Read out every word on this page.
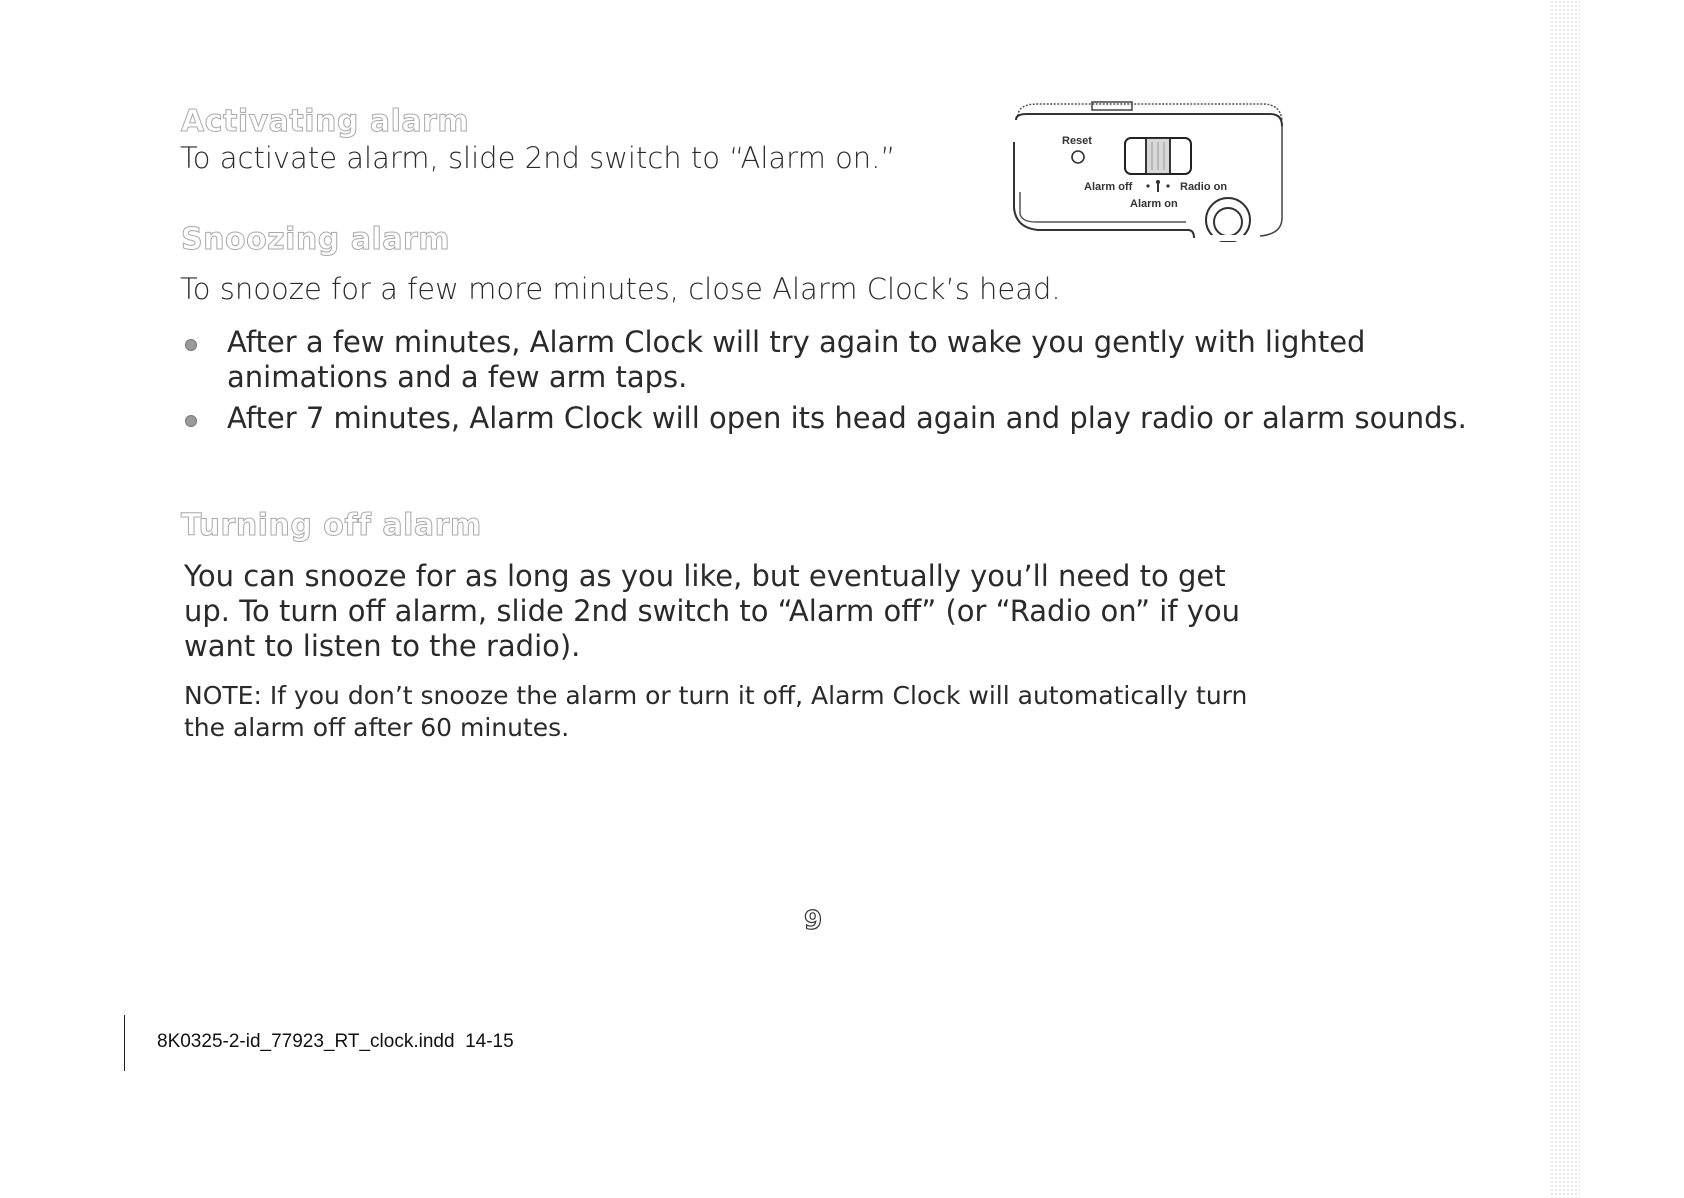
Activating alarm
To activate alarm, slide 2nd switch to “Alarm on.”	Reset
Alarm off	Radio on
Alarm on
Snoozing alarm
To snooze for a few more minutes, close Alarm Clock’s head.
After a few minutes, Alarm Clock will try again to wake you gently with lighted animations and a few arm taps.
After 7 minutes, Alarm Clock will open its head again and play radio or alarm sounds.
Turning off alarm
You can snooze for as long as you like, but eventually you’ll need to get up. To turn off alarm, slide 2nd switch to “Alarm off” (or “Radio on” if you want to listen to the radio).
NOTE: If you don’t snooze the alarm or turn it off, Alarm Clock will automatically turn the alarm off after 60 minutes.
9
8K0325-2-id_77923_RT_clock.indd 14-15
